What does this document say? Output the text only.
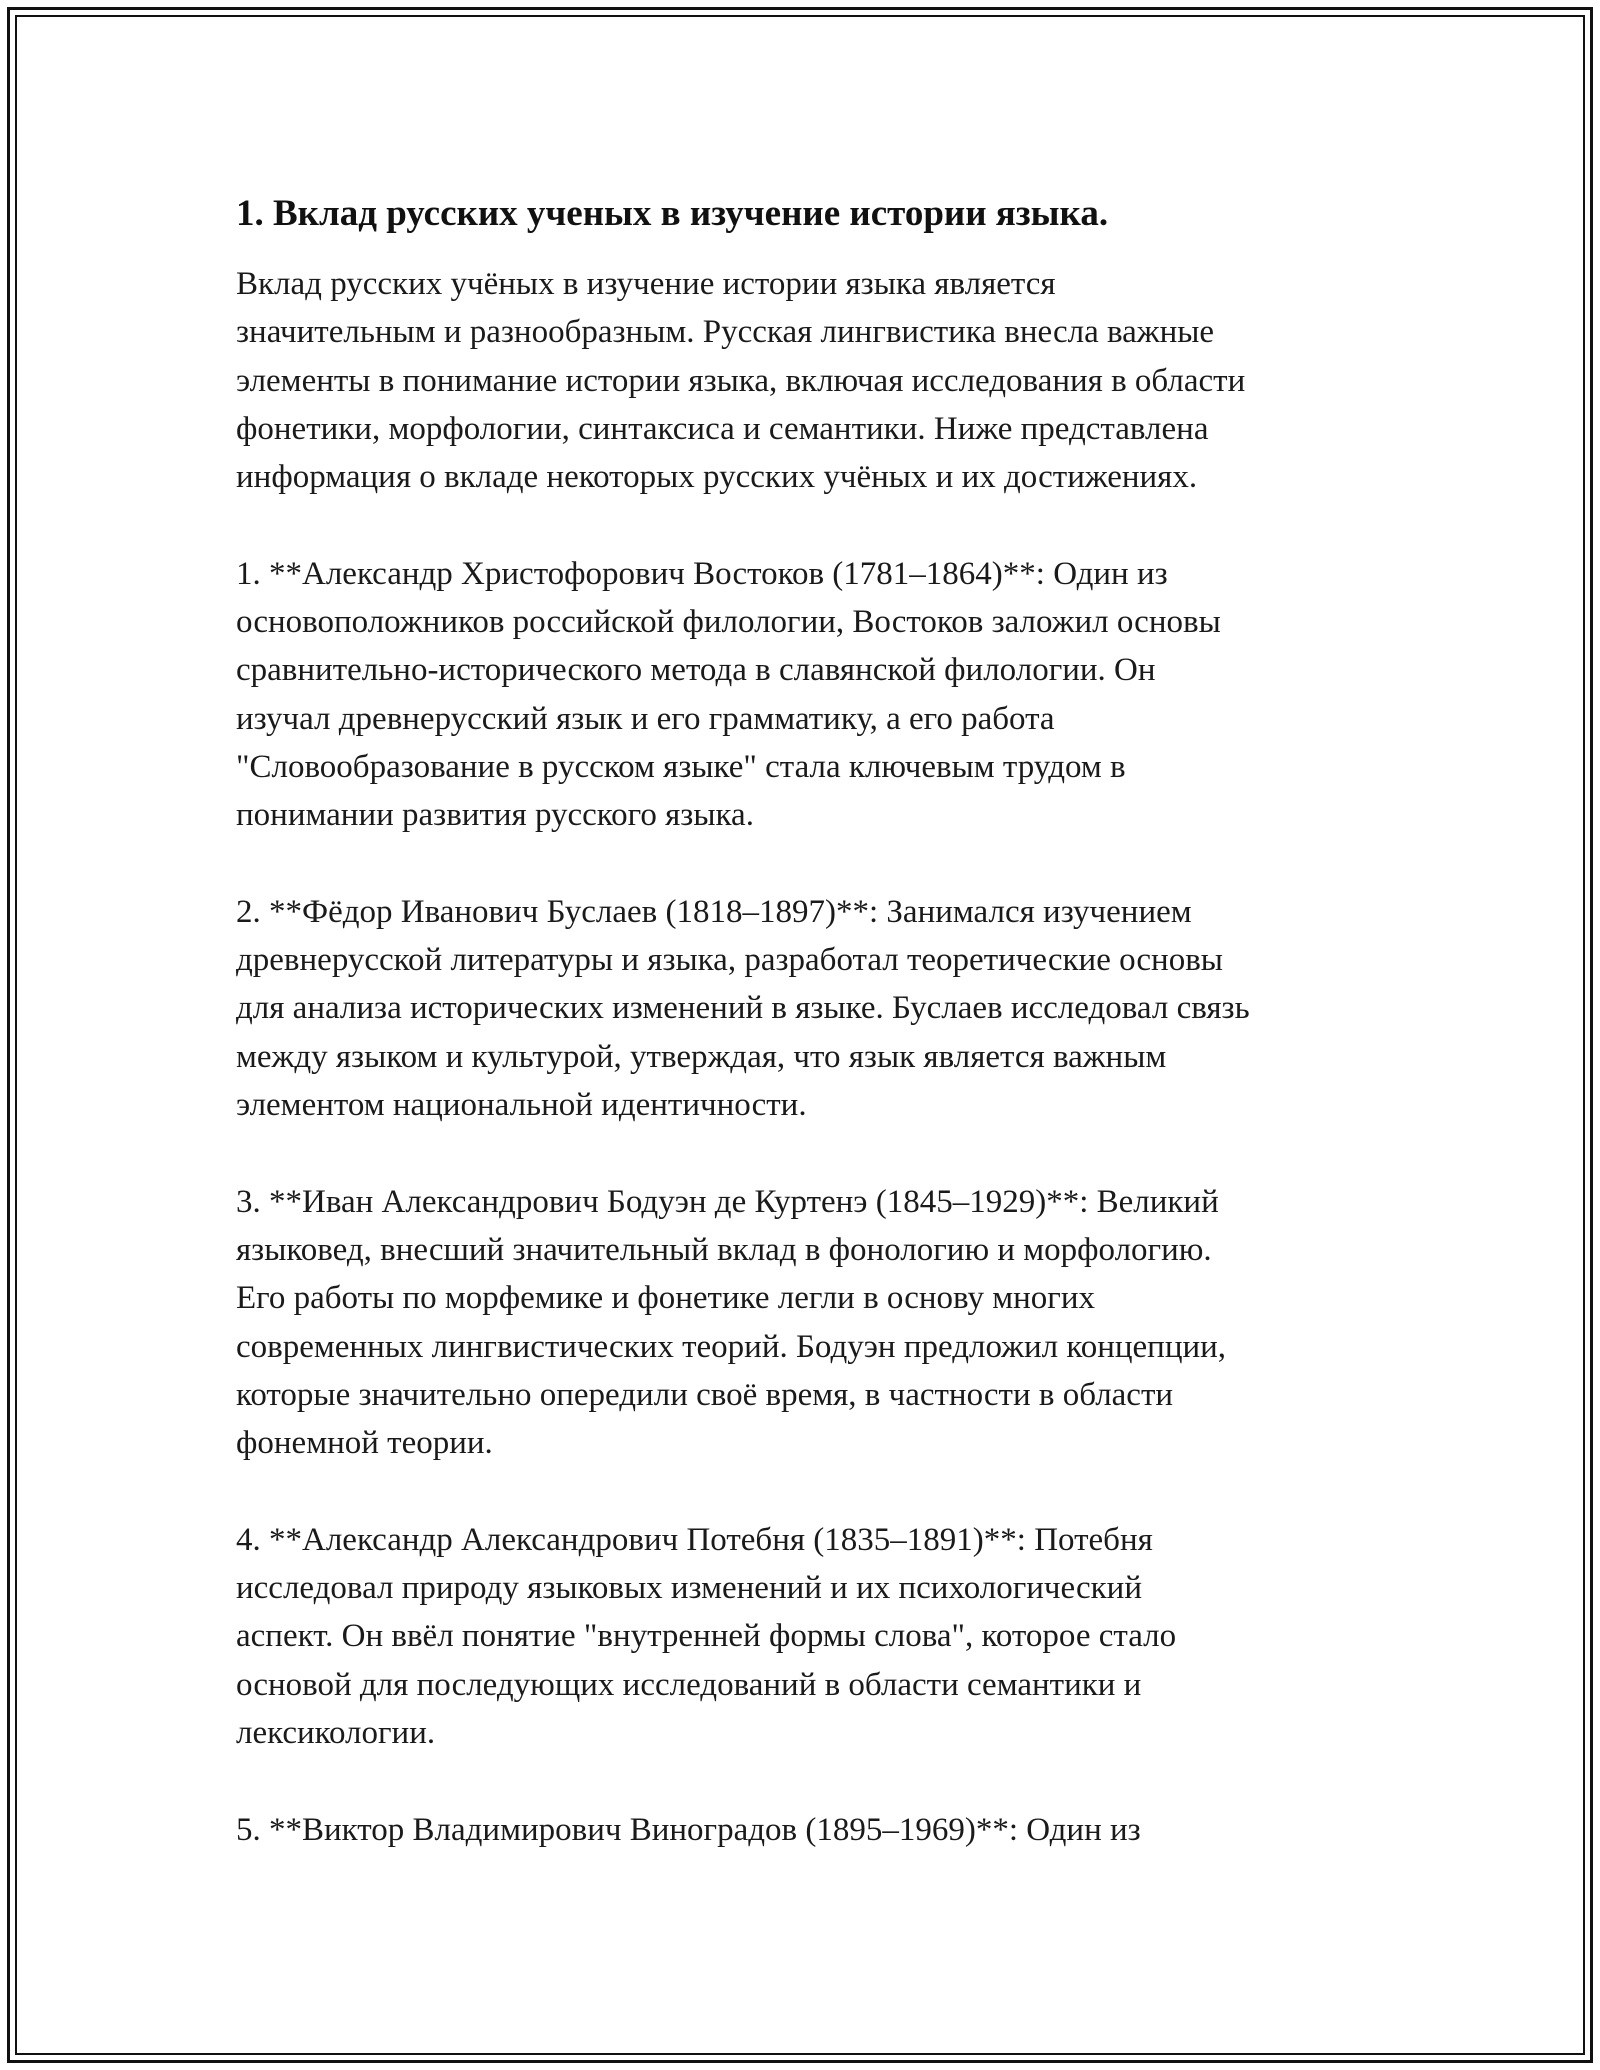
1. Вклад русских ученых в изучение истории языка.
Вклад русских учёных в изучение истории языка является
значительным и разнообразным. Русская лингвистика внесла важные
элементы в понимание истории языка, включая исследования в области
фонетики, морфологии, синтаксиса и семантики. Ниже представлена
информация о вкладе некоторых русских учёных и их достижениях.
1. **Александр Христофорович Востоков (1781–1864)**: Один из
основоположников российской филологии, Востоков заложил основы
сравнительно-исторического метода в славянской филологии. Он
изучал древнерусский язык и его грамматику, а его работа
"Словообразование в русском языке" стала ключевым трудом в
понимании развития русского языка.
2. **Фёдор Иванович Буслаев (1818–1897)**: Занимался изучением
древнерусской литературы и языка, разработал теоретические основы
для анализа исторических изменений в языке. Буслаев исследовал связь
между языком и культурой, утверждая, что язык является важным
элементом национальной идентичности.
3. **Иван Александрович Бодуэн де Куртенэ (1845–1929)**: Великий
языковед, внесший значительный вклад в фонологию и морфологию.
Его работы по морфемике и фонетике легли в основу многих
современных лингвистических теорий. Бодуэн предложил концепции,
которые значительно опередили своё время, в частности в области
фонемной теории.
4. **Александр Александрович Потебня (1835–1891)**: Потебня
исследовал природу языковых изменений и их психологический
аспект. Он ввёл понятие "внутренней формы слова", которое стало
основой для последующих исследований в области семантики и
лексикологии.
5. **Виктор Владимирович Виноградов (1895–1969)**: Один из
